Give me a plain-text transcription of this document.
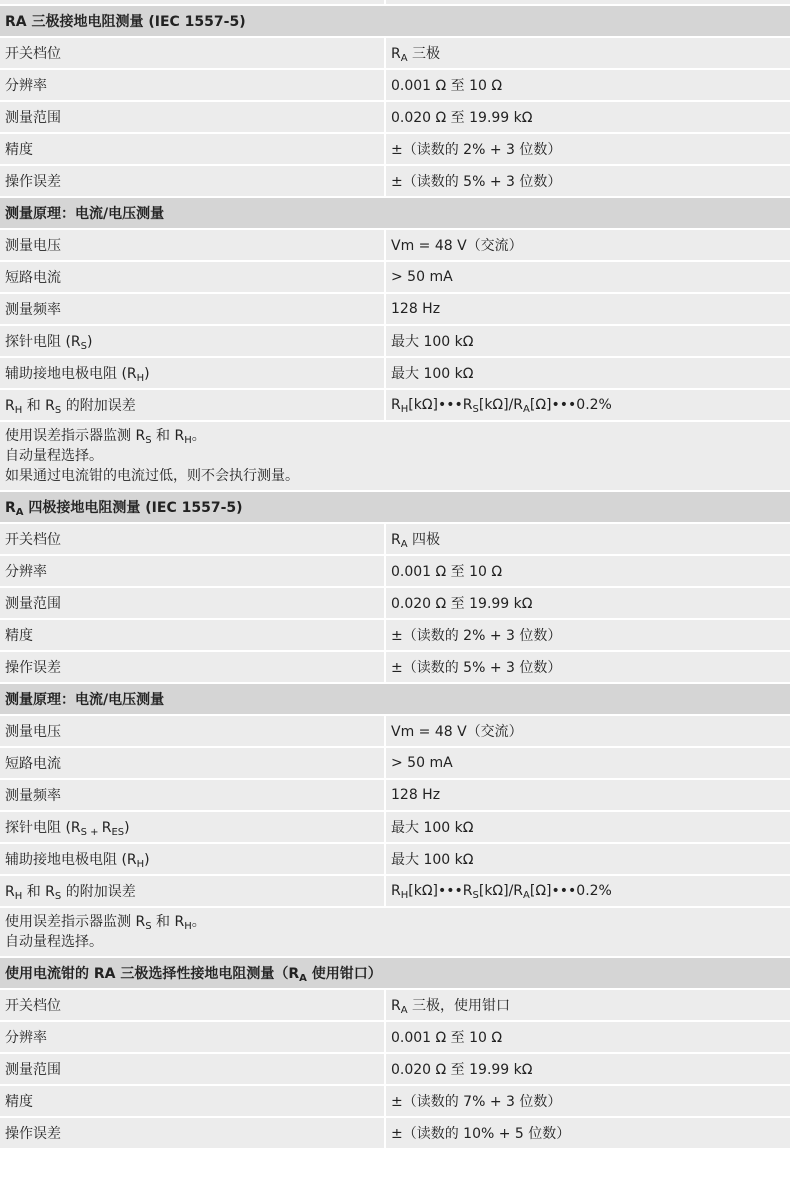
RA 三极接地电阻测量 (IEC 1557-5)	
开关档位	$R_A$ 三极
分辨率	0.001 Ω 至 10 Ω
测量范围	0.020 Ω 至 19.99 kΩ
精度	±（读数的 2% + 3 位数）
操作误差	±（读数的 5% + 3 位数）
测量原理：电流/电压测量	
测量电压	Vm = 48 V（交流）
短路电流	> 50 mA
测量频率	128 Hz
探针电阻 $(R_S)$	最大 100 kΩ
辅助接地电极电阻 $(R_H)$	最大 100 kΩ
$R_H$ 和 $R_S$ 的附加误差	$R_H[k\Omega]•••R_S[k\Omega]/R_A[\Omega]•••0.2\%$

使用误差指示器监测 $R_S$ 和 $R_H$。
自动量程选择。
如果通过电流钳的电流过低，则不会执行测量。	

$R_A$ 四极接地电阻测量 (IEC 1557-5)	
开关档位	$R_A$ 四极
分辨率	0.001 Ω 至 10 Ω
测量范围	0.020 Ω 至 19.99 kΩ
精度	±（读数的 2% + 3 位数）
操作误差	±（读数的 5% + 3 位数）
测量原理：电流/电压测量	
测量电压	Vm = 48 V（交流）
短路电流	> 50 mA
测量频率	128 Hz
探针电阻 ($R_{S +}$ $R_{ES}$)	最大 100 kΩ
辅助接地电极电阻 $(R_H)$	最大 100 kΩ
$R_H$ 和 $R_S$ 的附加误差	$R_H[k\Omega]•••R_S[k\Omega]/R_A[\Omega]•••0.2\%$

使用误差指示器监测 $R_S$ 和 $R_H$。
自动量程选择。	

使用电流钳的 RA 三极选择性接地电阻测量（$R_A$ 使用钳口）	
开关档位	$R_A$ 三极，使用钳口
分辨率	0.001 Ω 至 10 Ω
测量范围	0.020 Ω 至 19.99 kΩ
精度	±（读数的 7% + 3 位数）
操作误差	±（读数的 10% + 5 位数）
